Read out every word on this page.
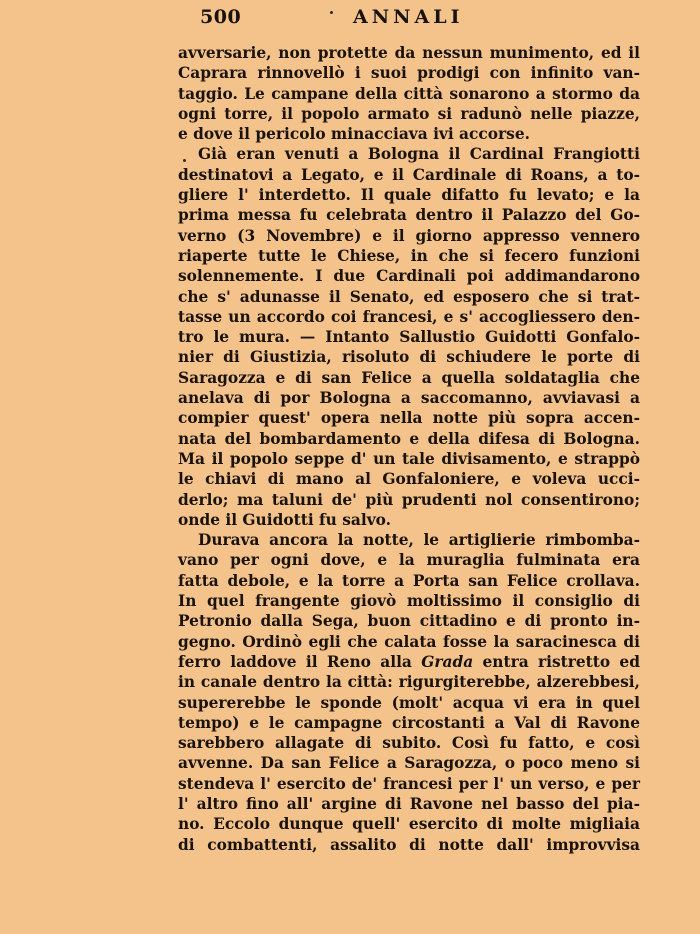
500	ANNALI
avversarie, non protette da nessun munimento, ed il
Caprara rinnovellò i suoi prodigi con infinito van-
taggio. Le campane della città sonarono a stormo da
ogni torre, il popolo armato si radunò nelle piazze,
e dove il pericolo minacciava ivi accorse.
Già eran venuti a Bologna il Cardinal Frangiotti
destinatovi a Legato, e il Cardinale di Roans, a to-
gliere l' interdetto. Il quale difatto fu levato; e la
prima messa fu celebrata dentro il Palazzo del Go-
verno (3 Novembre) e il giorno appresso vennero
riaperte tutte le Chiese, in che si fecero funzioni
solennemente. I due Cardinali poi addimandarono
che s' adunasse il Senato, ed esposero che si trat-
tasse un accordo coi francesi, e s' accogliessero den-
tro le mura. — Intanto Sallustio Guidotti Gonfalo-
nier di Giustizia, risoluto di schiudere le porte di
Saragozza e di san Felice a quella soldataglia che
anelava di por Bologna a saccomanno, avviavasi a
compier quest' opera nella notte più sopra accen-
nata del bombardamento e della difesa di Bologna.
Ma il popolo seppe d' un tale divisamento, e strappò
le chiavi di mano al Gonfaloniere, e voleva ucci-
derlo; ma taluni de' più prudenti nol consentirono;
onde il Guidotti fu salvo.
Durava ancora la notte, le artiglierie rimbomba-
vano per ogni dove, e la muraglia fulminata era
fatta debole, e la torre a Porta san Felice crollava.
In quel frangente giovò moltissimo il consiglio di
Petronio dalla Sega, buon cittadino e di pronto in-
gegno. Ordinò egli che calata fosse la saracinesca di
ferro laddove il Reno alla Grada entra ristretto ed
in canale dentro la città: rigurgiterebbe, alzerebbesi,
supererebbe le sponde (molt' acqua vi era in quel
tempo) e le campagne circostanti a Val di Ravone
sarebbero allagate di subito. Così fu fatto, e così
avvenne. Da san Felice a Saragozza, o poco meno si
stendeva l' esercito de' francesi per l' un verso, e per
l' altro fino all' argine di Ravone nel basso del pia-
no. Eccolo dunque quell' esercito di molte migliaia
di combattenti, assalito di notte dall' improvvisa
